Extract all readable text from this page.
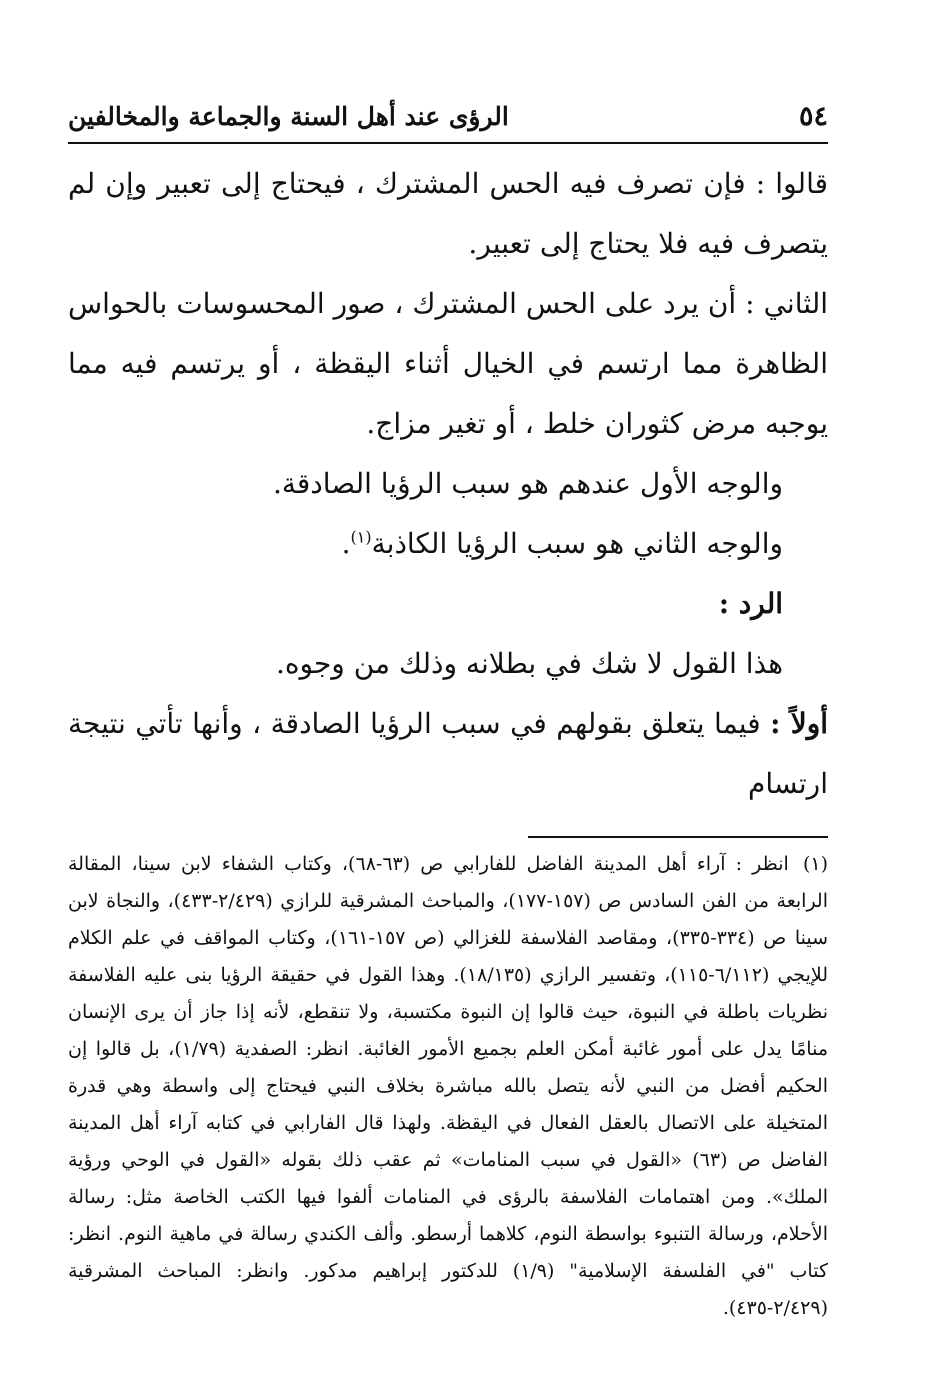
٥٤
الرؤى عند أهل السنة والجماعة والمخالفين

قالوا : فإن تصرف فيه الحس المشترك ، فيحتاج إلى تعبير وإن لم يتصرف فيه فلا يحتاج إلى تعبير.

الثاني : أن يرد على الحس المشترك ، صور المحسوسات بالحواس الظاهرة مما ارتسم في الخيال أثناء اليقظة ، أو يرتسم فيه مما يوجبه مرض كثوران خلط ، أو تغير مزاج.

والوجه الأول عندهم هو سبب الرؤيا الصادقة.

والوجه الثاني هو سبب الرؤيا الكاذبة$^{(١)}$.

الرد :

هذا القول لا شك في بطلانه وذلك من وجوه.

أولاً : فيما يتعلق بقولهم في سبب الرؤيا الصادقة ، وأنها تأتي نتيجة ارتسام

(١) انظر : آراء أهل المدينة الفاضل للفارابي ص (٦٣-٦٨)، وكتاب الشفاء لابن سينا، المقالة الرابعة من الفن السادس ص (١٥٧-١٧٧)، والمباحث المشرقية للرازي (٢/٤٢٩-٤٣٣)، والنجاة لابن سينا ص (٣٣٤-٣٣٥)، ومقاصد الفلاسفة للغزالي (ص ١٥٧-١٦١)، وكتاب المواقف في علم الكلام للإيجي (٦/١١٢-١١٥)، وتفسير الرازي (١٨/١٣٥). وهذا القول في حقيقة الرؤيا بنى عليه الفلاسفة نظريات باطلة في النبوة، حيث قالوا إن النبوة مكتسبة، ولا تنقطع، لأنه إذا جاز أن يرى الإنسان منامًا يدل على أمور غائبة أمكن العلم بجميع الأمور الغائبة. انظر: الصفدية (١/٧٩)، بل قالوا إن الحكيم أفضل من النبي لأنه يتصل بالله مباشرة بخلاف النبي فيحتاج إلى واسطة وهي قدرة المتخيلة على الاتصال بالعقل الفعال في اليقظة. ولهذا قال الفارابي في كتابه آراء أهل المدينة الفاضل ص (٦٣) «القول في سبب المنامات» ثم عقب ذلك بقوله «القول في الوحي ورؤية الملك». ومن اهتمامات الفلاسفة بالرؤى في المنامات ألفوا فيها الكتب الخاصة مثل: رسالة الأحلام، ورسالة التنبوء بواسطة النوم، كلاهما أرسطو. وألف الكندي رسالة في ماهية النوم. انظر: كتاب "في الفلسفة الإسلامية" (١/٩) للدكتور إبراهيم مدكور. وانظر: المباحث المشرقية (٢/٤٢٩-٤٣٥).
